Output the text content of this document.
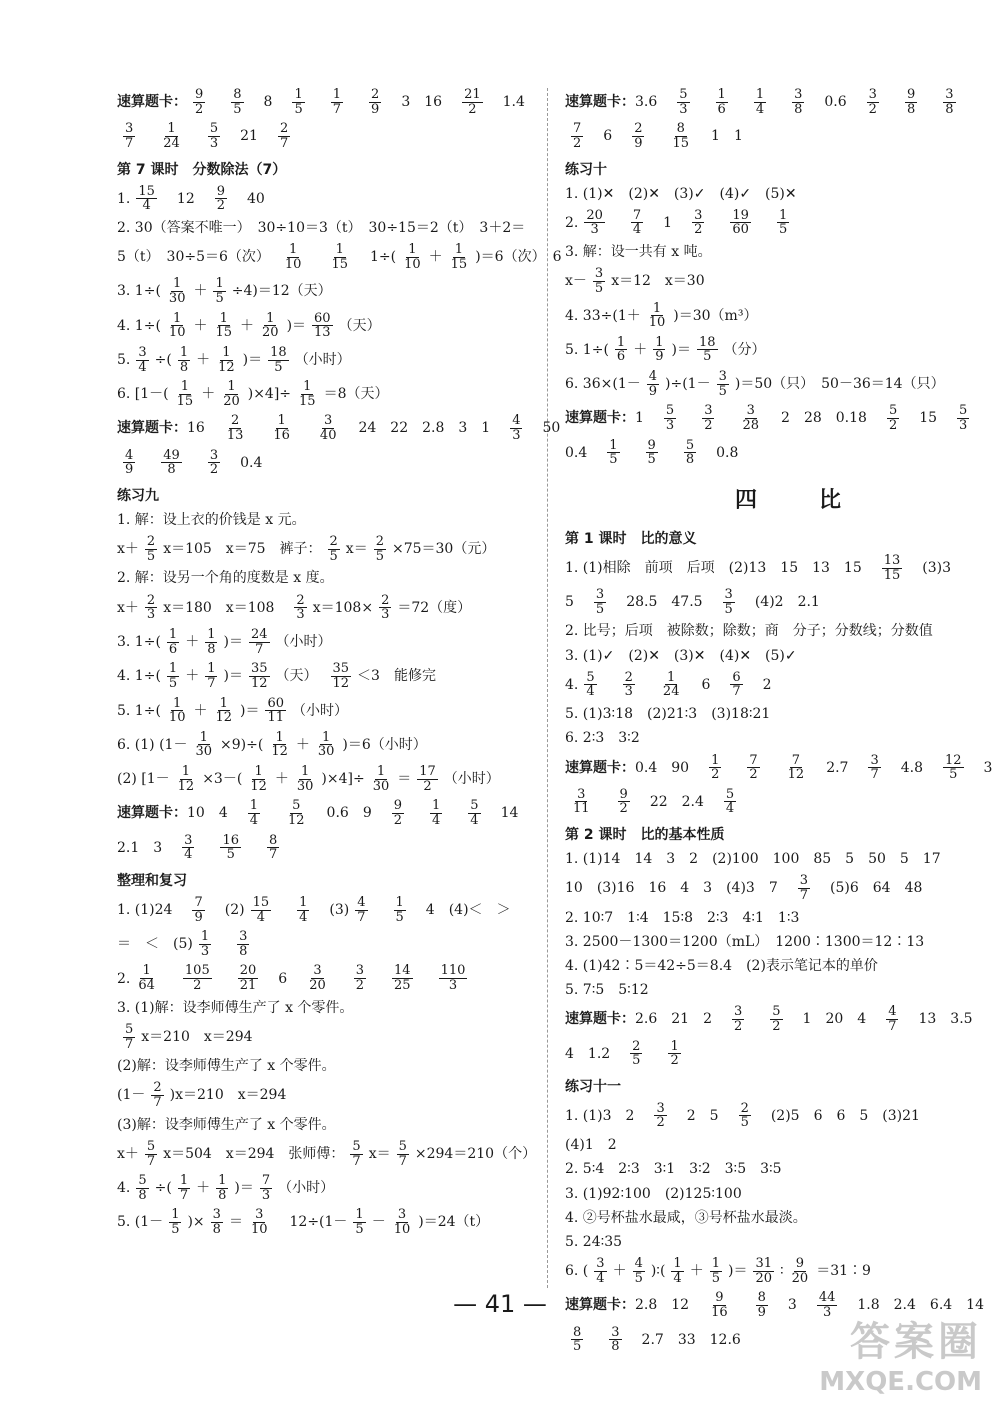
速算题卡： $\frac{9}{2}$
　 $\frac{8}{5}$ 　8　 $\frac{1}{5}$
　 $\frac{1}{7}$
　 $\frac{2}{9}$ 　3　16　 $\frac{21}{2}$ 　1.4
$\frac{3}{7}$
　 $\frac{1}{24}$
　 $\frac{5}{3}$ 　21　 $\frac{2}{7}$
第 7 课时　分数除法（7）
1. $\frac{15}{4}$ 　12　 $\frac{9}{2}$ 　40
2. 30（答案不唯一）　30÷10＝3（t）　30÷15＝2（t）　3＋2＝
5（t）　30÷5＝6（次）　 $\frac{1}{10}$
　 $\frac{1}{15}$ 　$1\div( \frac{1}{10} + \frac{1}{15} )=6$（次）　6
3. $1\div( \frac{1}{30} + \frac{1}{5} \div 4)=12$（天）
4. $1\div( \frac{1}{10} + \frac{1}{15} + \frac{1}{20}$ )＝ $\frac{60}{13}$ （天）
5. $\frac{3}{4}$ ÷( $\frac{1}{8} + \frac{1}{12}$ )＝ $\frac{18}{5}$ （小时）
6. $[1-( \frac{1}{15} + \frac{1}{20} )\times 4]\div \frac{1}{15} =8$（天）
速算题卡： 16　 $\frac{2}{13}$
　 $\frac{1}{16}$
　 $\frac{3}{40}$ 　24　22　2.8　3　1　 $\frac{4}{3}$ 　50
$\frac{4}{9}$
　 $\frac{49}{8}$
　 $\frac{3}{2}$ 　0.4
练习九
1. 解：设上衣的价钱是 x 元。
$x+ \frac{2}{5} x=105$　x＝75　裤子： $\frac{2}{5} x= \frac{2}{5} \times 75=30$（元）
2. 解：设另一个角的度数是 x 度。
$x+ \frac{2}{3} x=180$　x＝108　 $\frac{2}{3} x=108\times \frac{2}{3} =72$（度）
3. $1\div( \frac{1}{6} + \frac{1}{8}$ )＝ $\frac{24}{7}$ （小时）
4. $1\div( \frac{1}{5} + \frac{1}{7}$ )＝ $\frac{35}{12}$ （天）　 $\frac{35}{12} <3$　能修完
5. $1\div( \frac{1}{10} + \frac{1}{12}$ )＝ $\frac{60}{11}$ （小时）
6. (1) $(1- \frac{1}{30} \times 9)\div( \frac{1}{12} + \frac{1}{30} )=6$（小时）
(2) $[1- \frac{1}{12} \times 3-( \frac{1}{12} + \frac{1}{30} )\times 4]\div \frac{1}{30} = \frac{17}{2}$ （小时）
速算题卡： 10　4　 $\frac{1}{4}$
　 $\frac{5}{12}$ 　0.6　9　 $\frac{9}{2}$
　 $\frac{1}{4}$
　 $\frac{5}{4}$ 　14
2.1　3　 $\frac{3}{4}$
　 $\frac{16}{5}$
　 $\frac{8}{7}$
整理和复习
1. (1)24　 $\frac{7}{9}$ 　$(2) \frac{15}{4}$
　 $\frac{1}{4}$ 　$(3) \frac{4}{7}$
　 $\frac{1}{5}$ 　4　(4)＜　＞
＝　＜　$(5) \frac{1}{3}$
　 $\frac{3}{8}$
2. $\frac{1}{64}$
　 $\frac{105}{2}$
　 $\frac{20}{21}$ 　6　 $\frac{3}{20}$
　 $\frac{3}{2}$
　 $\frac{14}{25}$
　 $\frac{110}{3}$
3. (1)解：设李师傅生产了 x 个零件。
$\frac{5}{7} x=210$　x＝294
(2)解：设李师傅生产了 x 个零件。
$(1- \frac{2}{7} )x=210$　x＝294
(3)解：设李师傅生产了 x 个零件。
$x+ \frac{5}{7} x=504$　x＝294　张师傅： $\frac{5}{7} x= \frac{5}{7} \times 294=210$（个）
4. $\frac{5}{8}$ ÷( $\frac{1}{7} + \frac{1}{8}$ )＝ $\frac{7}{3}$ （小时）
5. ($1- \frac{1}{5}$ )× $\frac{3}{8} = \frac{3}{10}$ 　$12\div(1- \frac{1}{5} - \frac{3}{10} )=24(t)$
速算题卡： 3.6　 $\frac{5}{3}$
　 $\frac{1}{6}$
　 $\frac{1}{4}$
　 $\frac{3}{8}$ 　0.6　 $\frac{3}{2}$
　 $\frac{9}{8}$
　 $\frac{3}{8}$
$\frac{7}{2}$ 　6　 $\frac{2}{9}$
　 $\frac{8}{15}$ 　1　1
练习十
1. (1)✕　(2)✕　(3)✓　(4)✓　(5)✕
2. $\frac{20}{3}$
　 $\frac{7}{4}$ 　1　 $\frac{3}{2}$
　 $\frac{19}{60}$
　 $\frac{1}{5}$
3. 解：设一共有 x 吨。
$x- \frac{3}{5} x=12$　x＝30
4. $33\div(1+ \frac{1}{10} )=30(m^3)$
5. $1\div( \frac{1}{6} + \frac{1}{9}$ )＝ $\frac{18}{5}$ （分）
6. $36\times(1- \frac{4}{9} )\div(1- \frac{3}{5} )=50$（只）　50－36＝14（只）
速算题卡： 1　 $\frac{5}{3}$
　 $\frac{3}{2}$
　 $\frac{3}{28}$ 　2　28　0.18　 $\frac{5}{2}$ 　15　 $\frac{5}{3}$
0.4　 $\frac{1}{5}$
　 $\frac{9}{5}$
　 $\frac{5}{8}$ 　0.8
四　比
第 1 课时　比的意义
1. (1)相除　前项　后项　(2)13　15　13　15　 $\frac{13}{15}$ 　(3)3
5　 $\frac{3}{5}$ 　28.5　47.5　 $\frac{3}{5}$ 　(4)2　2.1
2. 比号；后项　被除数；除数；商　分子；分数线；分数值
3. (1)✓　(2)✕　(3)✕　(4)✕　(5)✓
4. $\frac{5}{4}$
　 $\frac{2}{3}$
　 $\frac{1}{24}$ 　6　 $\frac{6}{7}$ 　2
5. (1)3∶18　(2)21∶3　(3)18∶21
6. 2∶3　3∶2
速算题卡： 0.4　90　 $\frac{1}{2}$
　 $\frac{7}{2}$
　 $\frac{7}{12}$ 　2.7　 $\frac{3}{7}$ 　4.8　 $\frac{12}{5}$ 　3
$\frac{3}{11}$
　 $\frac{9}{2}$ 　22　2.4　 $\frac{5}{4}$
第 2 课时　比的基本性质
1. (1)14　14　3　2　(2)100　100　85　5　50　5　17
10　(3)16　16　4　3　(4)3　7　 $\frac{3}{7}$ 　(5)6　64　48
2. 10∶7　1∶4　15∶8　2∶3　4∶1　1∶3
3. 2500－1300＝1200（mL）　1200∶1300＝12∶13
4. (1)42∶5＝42÷5＝8.4　(2)表示笔记本的单价
5. 7∶5　5∶12
速算题卡： 2.6　21　2　 $\frac{3}{2}$
　 $\frac{5}{2}$ 　1　20　4　 $\frac{4}{7}$ 　13　3.5
4　1.2　 $\frac{2}{5}$
　 $\frac{1}{2}$
练习十一
1. (1)3　2　 $\frac{3}{2}$ 　2　5　 $\frac{2}{5}$ 　(2)5　6　6　5　(3)21
(4)1　2
2. 5∶4　2∶3　3∶1　3∶2　3∶5　3∶5
3. (1)92∶100　(2)125∶100
4. ②号杯盐水最咸，③号杯盐水最淡。
5. 24∶35
6. ( $\frac{3}{4} + \frac{4}{5}$ )∶( $\frac{1}{4} + \frac{1}{5}$ )＝ $\frac{31}{20}$ ∶ $\frac{9}{20}$ ＝31∶9
速算题卡： 2.8　12　 $\frac{9}{16}$
　 $\frac{8}{9}$ 　3　 $\frac{44}{3}$ 　1.8　2.4　6.4　14
$\frac{8}{5}$
　 $\frac{3}{8}$ 　2.7　33　12.6
— 41 —
答案圈
MXQE.COM
